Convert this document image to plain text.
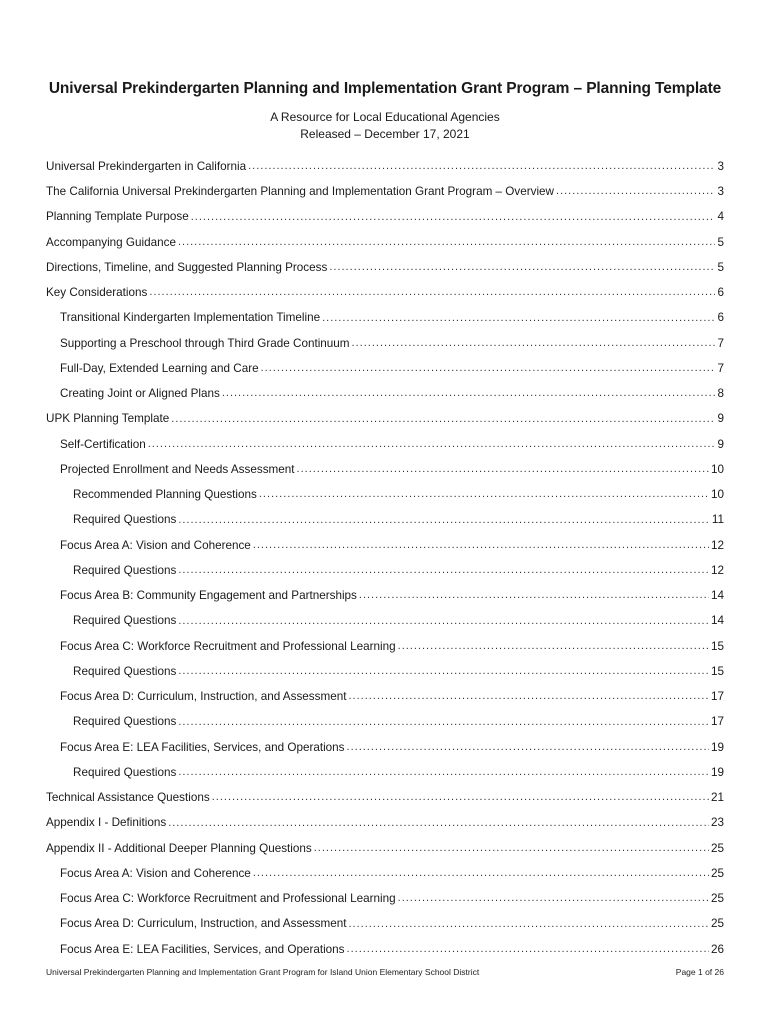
Universal Prekindergarten Planning and Implementation Grant Program – Planning Template
A Resource for Local Educational Agencies
Released – December 17, 2021
Universal Prekindergarten in California .....	3
The California Universal Prekindergarten Planning and Implementation Grant Program – Overview .....	3
Planning Template Purpose .....	4
Accompanying Guidance .....	5
Directions, Timeline, and Suggested Planning Process .....	5
Key Considerations .....	6
Transitional Kindergarten Implementation Timeline .....	6
Supporting a Preschool through Third Grade Continuum .....	7
Full-Day, Extended Learning and Care .....	7
Creating Joint or Aligned Plans .....	8
UPK Planning Template .....	9
Self-Certification .....	9
Projected Enrollment and Needs Assessment .....	10
Recommended Planning Questions .....	10
Required Questions .....	11
Focus Area A: Vision and Coherence .....	12
Required Questions .....	12
Focus Area B: Community Engagement and Partnerships .....	14
Required Questions .....	14
Focus Area C: Workforce Recruitment and Professional Learning .....	15
Required Questions .....	15
Focus Area D: Curriculum, Instruction, and Assessment .....	17
Required Questions .....	17
Focus Area E: LEA Facilities, Services, and Operations .....	19
Required Questions .....	19
Technical Assistance Questions .....	21
Appendix I - Definitions .....	23
Appendix II - Additional Deeper Planning Questions .....	25
Focus Area A: Vision and Coherence .....	25
Focus Area C: Workforce Recruitment and Professional Learning .....	25
Focus Area D: Curriculum, Instruction, and Assessment .....	25
Focus Area E: LEA Facilities, Services, and Operations .....	26
Universal Prekindergarten Planning and Implementation Grant Program for Island Union Elementary School District	Page 1 of 26
